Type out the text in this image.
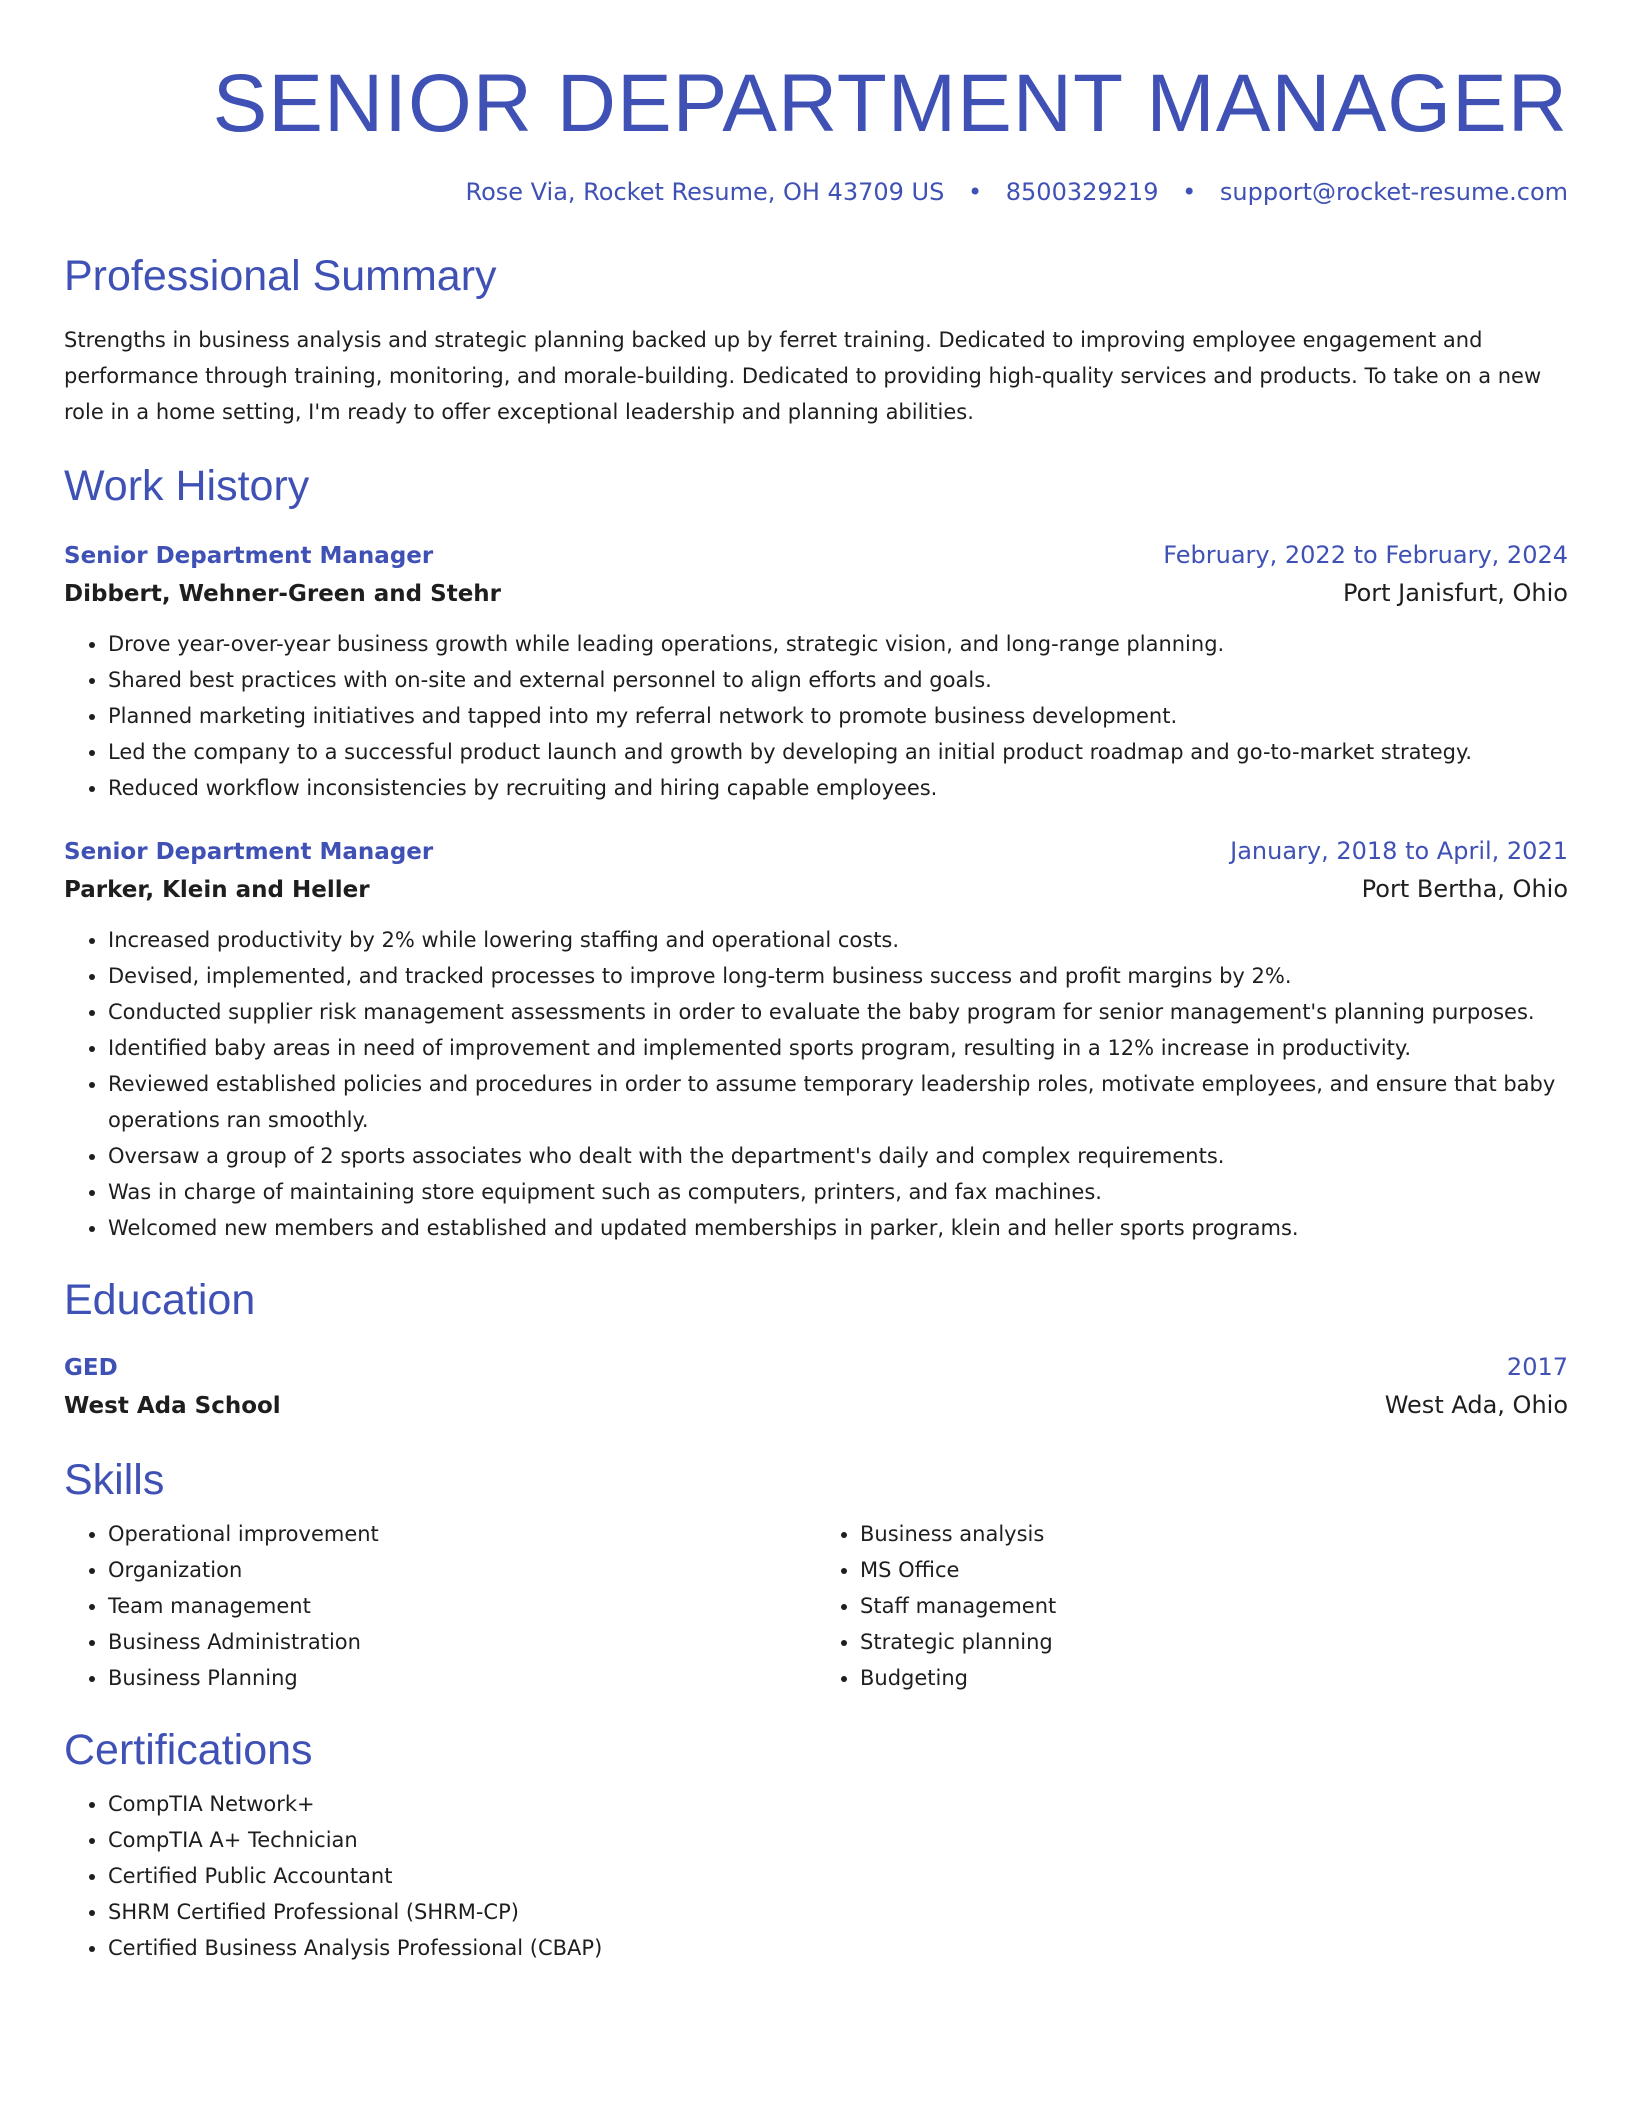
SENIOR DEPARTMENT MANAGER
Rose Via, Rocket Resume, OH 43709 US • 8500329219 • support@rocket-resume.com
Professional Summary

Strengths in business analysis and strategic planning backed up by ferret training. Dedicated to improving employee engagement and performance through training, monitoring, and morale-building. Dedicated to providing high-quality services and products. To take on a new role in a home setting, I'm ready to offer exceptional leadership and planning abilities.

Work History
Senior Department Manager	February, 2022 to February, 2024
Dibbert, Wehner-Green and Stehr	Port Janisfurt, Ohio
• Drove year-over-year business growth while leading operations, strategic vision, and long-range planning.
• Shared best practices with on-site and external personnel to align efforts and goals.
• Planned marketing initiatives and tapped into my referral network to promote business development.
• Led the company to a successful product launch and growth by developing an initial product roadmap and go-to-market strategy.
• Reduced workflow inconsistencies by recruiting and hiring capable employees.
Senior Department Manager	January, 2018 to April, 2021
Parker, Klein and Heller	Port Bertha, Ohio
• Increased productivity by 2% while lowering staffing and operational costs.
• Devised, implemented, and tracked processes to improve long-term business success and profit margins by 2%.
• Conducted supplier risk management assessments in order to evaluate the baby program for senior management's planning purposes.
• Identified baby areas in need of improvement and implemented sports program, resulting in a 12% increase in productivity.
• Reviewed established policies and procedures in order to assume temporary leadership roles, motivate employees, and ensure that baby operations ran smoothly.
• Oversaw a group of 2 sports associates who dealt with the department's daily and complex requirements.
• Was in charge of maintaining store equipment such as computers, printers, and fax machines.
• Welcomed new members and established and updated memberships in parker, klein and heller sports programs.
Education
GED	2017
West Ada School	West Ada, Ohio
Skills
• Operational improvement
• Organization
• Team management
• Business Administration
• Business Planning
• Business analysis
• MS Office
• Staff management
• Strategic planning
• Budgeting
Certifications
• CompTIA Network+
• CompTIA A+ Technician
• Certified Public Accountant
• SHRM Certified Professional (SHRM-CP)
• Certified Business Analysis Professional (CBAP)
